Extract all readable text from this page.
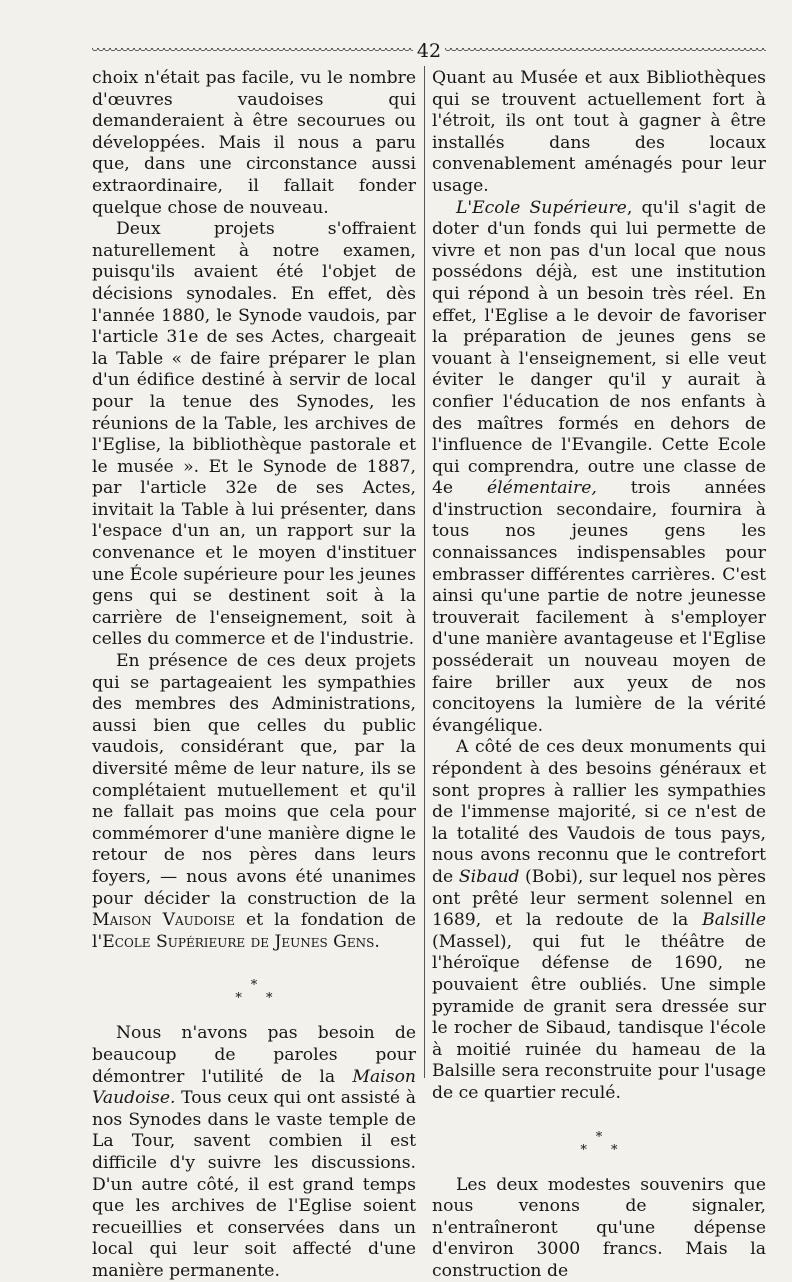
42

choix n'était pas facile, vu le nombre d'œuvres vaudoises qui demanderaient à être secourues ou développées. Mais il nous a paru que, dans une circonstance aussi extraordinaire, il fallait fonder quelque chose de nouveau.

Deux projets s'offraient naturellement à notre examen, puisqu'ils avaient été l'objet de décisions synodales. En effet, dès l'année 1880, le Synode vaudois, par l'article 31e de ses Actes, chargeait la Table « de faire préparer le plan d'un édifice destiné à servir de local pour la tenue des Synodes, les réunions de la Table, les archives de l'Eglise, la bibliothèque pastorale et le musée ». Et le Synode de 1887, par l'article 32e de ses Actes, invitait la Table à lui présenter, dans l'espace d'un an, un rapport sur la convenance et le moyen d'instituer une École supérieure pour les jeunes gens qui se destinent soit à la carrière de l'enseignement, soit à celles du commerce et de l'industrie.

En présence de ces deux projets qui se partageaient les sympathies des membres des Administrations, aussi bien que celles du public vaudois, considérant que, par la diversité même de leur nature, ils se complétaient mutuellement et qu'il ne fallait pas moins que cela pour commémorer d'une manière digne le retour de nos pères dans leurs foyers, — nous avons été unanimes pour décider la construction de la Maison Vaudoise et la fondation de l'Ecole Supérieure de Jeunes Gens.

*
* *

Nous n'avons pas besoin de beaucoup de paroles pour démontrer l'utilité de la Maison Vaudoise. Tous ceux qui ont assisté à nos Synodes dans le vaste temple de La Tour, savent combien il est difficile d'y suivre les discussions. D'un autre côté, il est grand temps que les archives de l'Eglise soient recueillies et conservées dans un local qui leur soit affecté d'une manière permanente.

Quant au Musée et aux Bibliothèques qui se trouvent actuellement fort à l'étroit, ils ont tout à gagner à être installés dans des locaux convenablement aménagés pour leur usage.

L'Ecole Supérieure, qu'il s'agit de doter d'un fonds qui lui permette de vivre et non pas d'un local que nous possédons déjà, est une institution qui répond à un besoin très réel. En effet, l'Eglise a le devoir de favoriser la préparation de jeunes gens se vouant à l'enseignement, si elle veut éviter le danger qu'il y aurait à confier l'éducation de nos enfants à des maîtres formés en dehors de l'influence de l'Evangile. Cette Ecole qui comprendra, outre une classe de 4e élémentaire, trois années d'instruction secondaire, fournira à tous nos jeunes gens les connaissances indispensables pour embrasser différentes carrières. C'est ainsi qu'une partie de notre jeunesse trouverait facilement à s'employer d'une manière avantageuse et l'Eglise posséderait un nouveau moyen de faire briller aux yeux de nos concitoyens la lumière de la vérité évangélique.

A côté de ces deux monuments qui répondent à des besoins généraux et sont propres à rallier les sympathies de l'immense majorité, si ce n'est de la totalité des Vaudois de tous pays, nous avons reconnu que le contrefort de Sibaud (Bobi), sur lequel nos pères ont prêté leur serment solennel en 1689, et la redoute de la Balsille (Massel), qui fut le théâtre de l'héroïque défense de 1690, ne pouvaient être oubliés. Une simple pyramide de granit sera dressée sur le rocher de Sibaud, tandisque l'école à moitié ruinée du hameau de la Balsille sera reconstruite pour l'usage de ce quartier reculé.

*
* *

Les deux modestes souvenirs que nous venons de signaler, n'entraîneront qu'une dépense d'environ 3000 francs. Mais la construction de
